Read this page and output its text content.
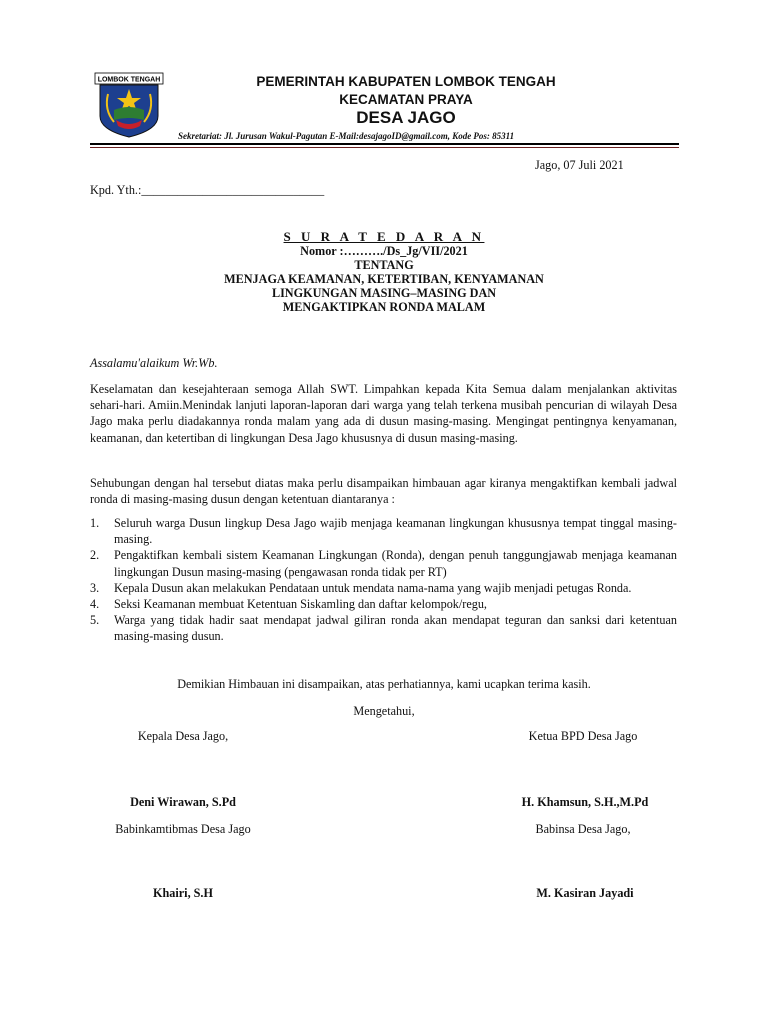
LOMBOK TENGAH	PEMERINTAH KABUPATEN LOMBOK TENGAH
KECAMATAN PRAYA
DESA JAGO
Sekretariat: Jl. Jurusan Wakul-Pagutan E-Mail:desajagoID@gmail.com, Kode Pos: 85311
Jago, 07 Juli 2021
Kpd. Yth.:______________________________
S U R A T E D A R A N
Nomor :………./Ds_Jg/VII/2021
TENTANG
MENJAGA KEAMANAN, KETERTIBAN, KENYAMANAN
LINGKUNGAN MASING–MASING DAN
MENGAKTIPKAN RONDA MALAM
Assalamu'alaikum Wr.Wb.
Keselamatan dan kesejahteraan semoga Allah SWT. Limpahkan kepada Kita Semua dalam menjalankan aktivitas sehari-hari. Amiin.Menindak lanjuti laporan-laporan dari warga yang telah terkena musibah pencurian di wilayah Desa Jago maka perlu diadakannya ronda malam yang ada di dusun masing-masing. Mengingat pentingnya kenyamanan, keamanan, dan ketertiban di lingkungan Desa Jago khususnya di dusun masing-masing.
Sehubungan dengan hal tersebut diatas maka perlu disampaikan himbauan agar kiranya mengaktifkan kembali jadwal ronda di masing-masing dusun dengan ketentuan diantaranya :
1. Seluruh warga Dusun lingkup Desa Jago wajib menjaga keamanan lingkungan khususnya tempat tinggal masing-masing.
2. Pengaktifkan kembali sistem Keamanan Lingkungan (Ronda), dengan penuh tanggungjawab menjaga keamanan lingkungan Dusun masing-masing (pengawasan ronda tidak per RT)
3. Kepala Dusun akan melakukan Pendataan untuk mendata nama-nama yang wajib menjadi petugas Ronda.
4. Seksi Keamanan membuat Ketentuan Siskamling dan daftar kelompok/regu,
5. Warga yang tidak hadir saat mendapat jadwal giliran ronda akan mendapat teguran dan sanksi dari ketentuan masing-masing dusun.
Demikian Himbauan ini disampaikan, atas perhatiannya, kami ucapkan terima kasih.
Mengetahui,
Kepala Desa Jago,	Ketua BPD Desa Jago
Deni Wirawan, S.Pd	H. Khamsun, S.H.,M.Pd
Babinkamtibmas Desa Jago	Babinsa Desa Jago,
Khairi, S.H	M. Kasiran Jayadi
